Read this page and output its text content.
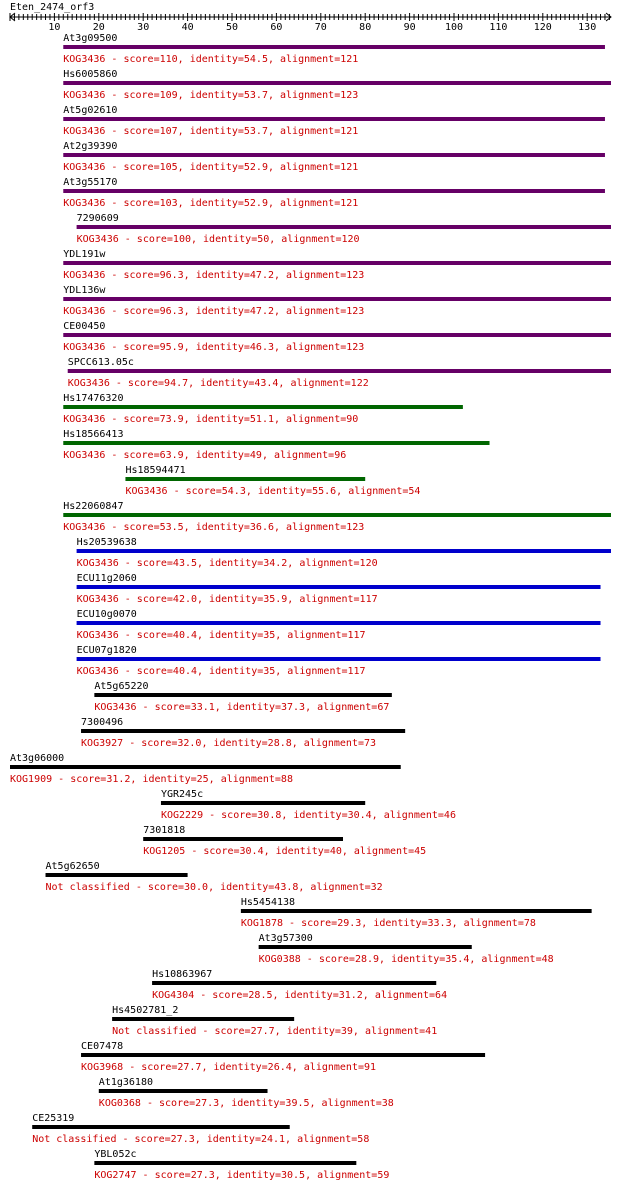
Eten_2474_orf3
10	20	30	40	50	60	70	80	90	100	110	120	130
At3g09500
KOG3436 - score=110, identity=54.5, alignment=121
Hs6005860
KOG3436 - score=109, identity=53.7, alignment=123
At5g02610
KOG3436 - score=107, identity=53.7, alignment=121
At2g39390
KOG3436 - score=105, identity=52.9, alignment=121
At3g55170
KOG3436 - score=103, identity=52.9, alignment=121
7290609
KOG3436 - score=100, identity=50, alignment=120
YDL191w
KOG3436 - score=96.3, identity=47.2, alignment=123
YDL136w
KOG3436 - score=96.3, identity=47.2, alignment=123
CE00450
KOG3436 - score=95.9, identity=46.3, alignment=123
SPCC613.05c
KOG3436 - score=94.7, identity=43.4, alignment=122
Hs17476320
KOG3436 - score=73.9, identity=51.1, alignment=90
Hs18566413
KOG3436 - score=63.9, identity=49, alignment=96
Hs18594471
KOG3436 - score=54.3, identity=55.6, alignment=54
Hs22060847
KOG3436 - score=53.5, identity=36.6, alignment=123
Hs20539638
KOG3436 - score=43.5, identity=34.2, alignment=120
ECU11g2060
KOG3436 - score=42.0, identity=35.9, alignment=117
ECU10g0070
KOG3436 - score=40.4, identity=35, alignment=117
ECU07g1820
KOG3436 - score=40.4, identity=35, alignment=117
At5g65220
KOG3436 - score=33.1, identity=37.3, alignment=67
7300496
KOG3927 - score=32.0, identity=28.8, alignment=73
At3g06000
KOG1909 - score=31.2, identity=25, alignment=88
YGR245c
KOG2229 - score=30.8, identity=30.4, alignment=46
7301818
KOG1205 - score=30.4, identity=40, alignment=45
At5g62650
Not classified - score=30.0, identity=43.8, alignment=32
Hs5454138
KOG1878 - score=29.3, identity=33.3, alignment=78
At3g57300
KOG0388 - score=28.9, identity=35.4, alignment=48
Hs10863967
KOG4304 - score=28.5, identity=31.2, alignment=64
Hs4502781_2
Not classified - score=27.7, identity=39, alignment=41
CE07478
KOG3968 - score=27.7, identity=26.4, alignment=91
At1g36180
KOG0368 - score=27.3, identity=39.5, alignment=38
CE25319
Not classified - score=27.3, identity=24.1, alignment=58
YBL052c
KOG2747 - score=27.3, identity=30.5, alignment=59
